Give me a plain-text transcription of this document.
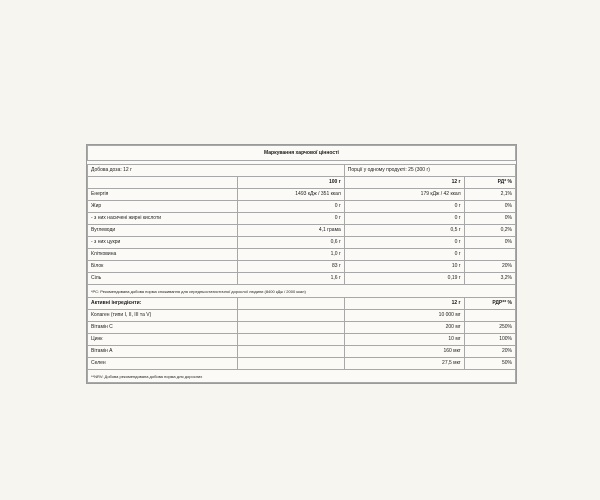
Маркування харчової цінності			

Добова доза: 12 г		Порції у одному продукті: 25 (300 г)	
	100 г	12 г	РД* %
Енергія	1493 кДж / 351 ккал	179 кДж / 42 ккал	2,1%
Жир	0 г	0 г	0%
- з них насичені жирні кислоти	0 г	0 г	0%
Вуглеводи	4,1 грама	0,5 г	0,2%
- з них цукри	0,6 г	0 г	0%
Клітковина	1,0 г	0 г	
Білок	83 г	10 г	20%
Сіль	1,6 г	0,19 г	3,2%
*РС: Рекомендована добова норма споживання для середньостатистичної дорослої людини (8400 кДж / 2000 ккал)			
Активні інгредієнти:		12 г	РДР** %
Колаген (типи I, II, III та V)		10 000 мг	
Вітамін С		200 мг	250%
Цинк		10 мг	100%
Вітамін А		160 мкг	20%
Селен		27,5 мкг	50%
**NRV: Добова рекомендована добова норма для дорослих			
